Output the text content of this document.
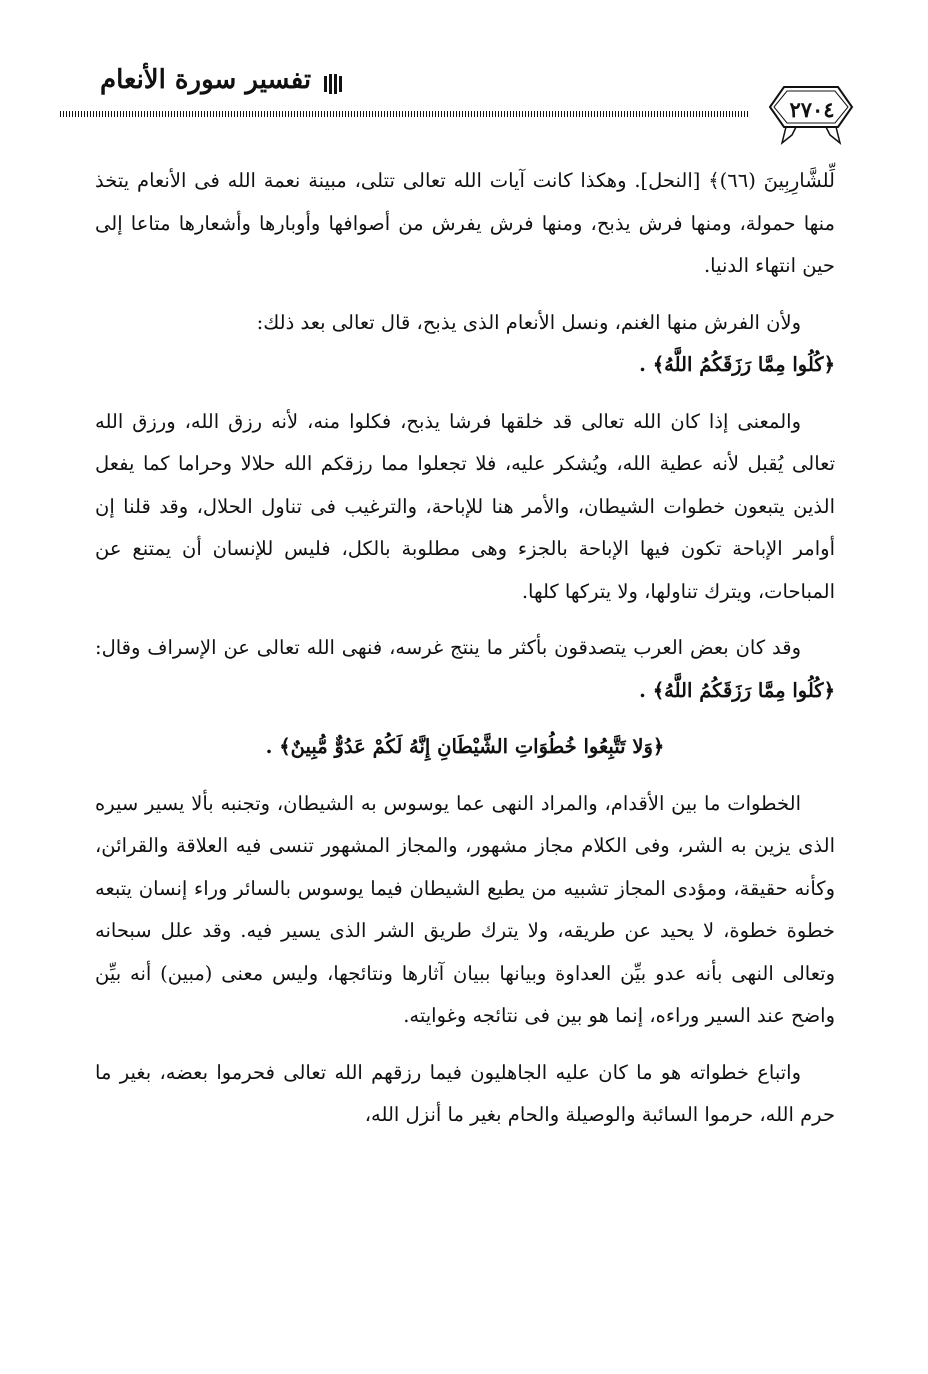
تفسير سورة الأنعام
٢٧٠٤

لِّلشَّارِبِينَ (٦٦)﴾ [النحل]. وهكذا كانت آيات الله تعالى تتلى، مبينة نعمة الله فى الأنعام يتخذ منها حمولة، ومنها فرش يذبح، ومنها فرش يفرش من أصوافها وأوبارها وأشعارها متاعا إلى حين انتهاء الدنيا.

ولأن الفرش منها الغنم، ونسل الأنعام الذى يذبح، قال تعالى بعد ذلك:
﴿كُلُوا مِمَّا رَزَقَكُمُ اللَّهُ﴾ .

والمعنى إذا كان الله تعالى قد خلقها فرشا يذبح، فكلوا منه، لأنه رزق الله، ورزق الله تعالى يُقبل لأنه عطية الله، ويُشكر عليه، فلا تجعلوا مما رزقكم الله حلالا وحراما كما يفعل الذين يتبعون خطوات الشيطان، والأمر هنا للإباحة، والترغيب فى تناول الحلال، وقد قلنا إن أوامر الإباحة تكون فيها الإباحة بالجزء وهى مطلوبة بالكل، فليس للإنسان أن يمتنع عن المباحات، ويترك تناولها، ولا يتركها كلها.

وقد كان بعض العرب يتصدقون بأكثر ما ينتج غرسه، فنهى الله تعالى عن الإسراف وقال: ﴿كُلُوا مِمَّا رَزَقَكُمُ اللَّهُ﴾ .

﴿وَلا تَتَّبِعُوا خُطُوَاتِ الشَّيْطَانِ إِنَّهُ لَكُمْ عَدُوٌّ مُّبِينٌ﴾ .

الخطوات ما بين الأقدام، والمراد النهى عما يوسوس به الشيطان، وتجنبه بألا يسير سيره الذى يزين به الشر، وفى الكلام مجاز مشهور، والمجاز المشهور تنسى فيه العلاقة والقرائن، وكأنه حقيقة، ومؤدى المجاز تشبيه من يطيع الشيطان فيما يوسوس بالسائر وراء إنسان يتبعه خطوة خطوة، لا يحيد عن طريقه، ولا يترك طريق الشر الذى يسير فيه. وقد علل سبحانه وتعالى النهى بأنه عدو بيِّن العداوة وبيانها ببيان آثارها ونتائجها، وليس معنى (مبين) أنه بيِّن واضح عند السير وراءه، إنما هو بين فى نتائجه وغوايته.

واتباع خطواته هو ما كان عليه الجاهليون فيما رزقهم الله تعالى فحرموا بعضه، بغير ما حرم الله، حرموا السائبة والوصيلة والحام بغير ما أنزل الله،
